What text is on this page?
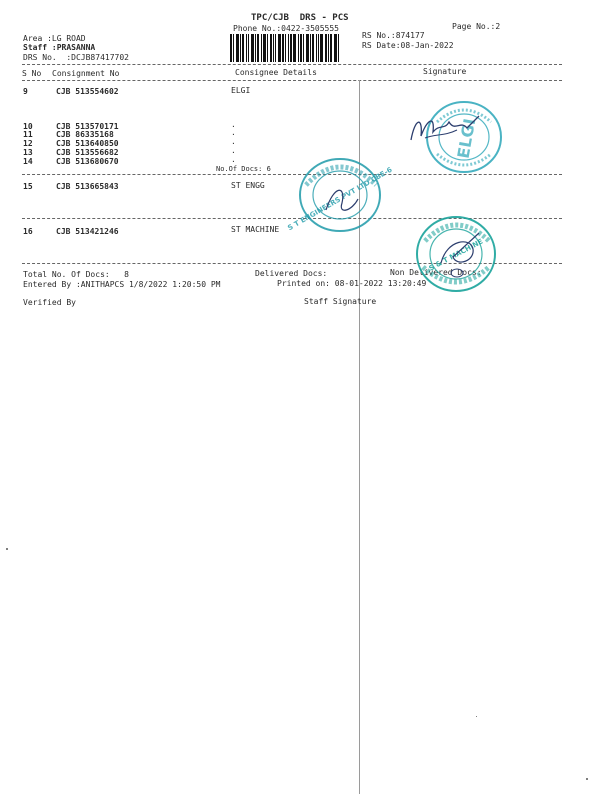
TPC/CJB  DRS - PCS
Phone No.:0422-3505555	Page No.:2
Area :LG ROAD
Staff :PRASANNA
DRS No.  :DCJB87417702
RS No.:874177
RS Date:08-Jan-2022
S No Consignment No	Consignee Details	Signature
9	CJB 513554602	ELGI
10	CJB 513570171	.
11	CJB 86335168	.
12	CJB 513640850	.
13	CJB 513556682	.
14	CJB 513680670	.
No.Of Docs: 6
15	CJB 513665843	ST ENGG
16	CJB 513421246	ST MACHINE
Total No. Of Docs:   8	Delivered Docs:	Non Delivered Docs:
Entered By :ANITHAPCS 1/8/2022 1:20:50 PM	Printed on: 08-01-2022 13:20:49
Verified By	Staff Signature
ELGI
S T ENGINEERS PVT LTD CBE-6
S & T MACHINE
